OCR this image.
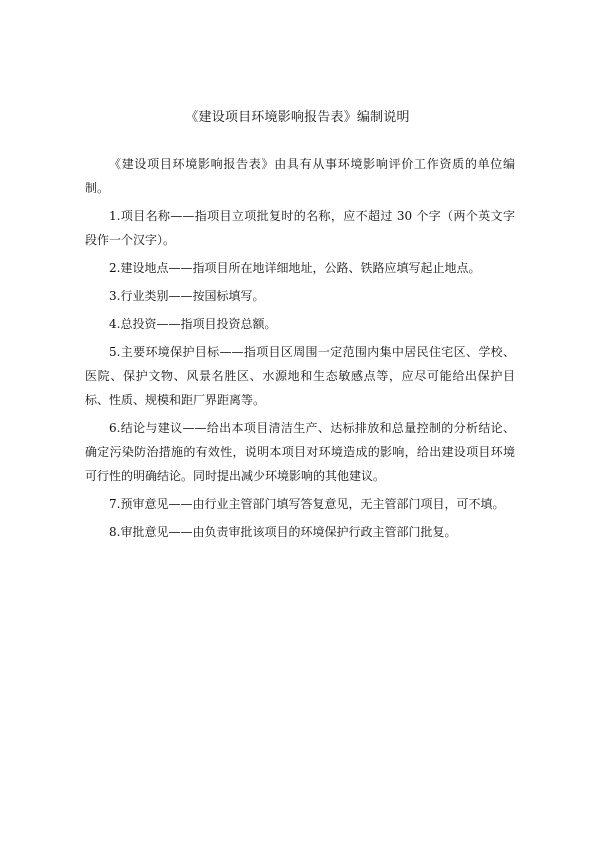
《建设项目环境影响报告表》编制说明

《建设项目环境影响报告表》由具有从事环境影响评价工作资质的单位编制。

1.项目名称——指项目立项批复时的名称，应不超过 30 个字（两个英文字段作一个汉字）。

2.建设地点——指项目所在地详细地址，公路、铁路应填写起止地点。

3.行业类别——按国标填写。

4.总投资——指项目投资总额。

5.主要环境保护目标——指项目区周围一定范围内集中居民住宅区、学校、医院、保护文物、风景名胜区、水源地和生态敏感点等，应尽可能给出保护目标、性质、规模和距厂界距离等。

6.结论与建议——给出本项目清洁生产、达标排放和总量控制的分析结论、确定污染防治措施的有效性，说明本项目对环境造成的影响，给出建设项目环境可行性的明确结论。同时提出减少环境影响的其他建议。

7.预审意见——由行业主管部门填写答复意见，无主管部门项目，可不填。

8.审批意见——由负责审批该项目的环境保护行政主管部门批复。
